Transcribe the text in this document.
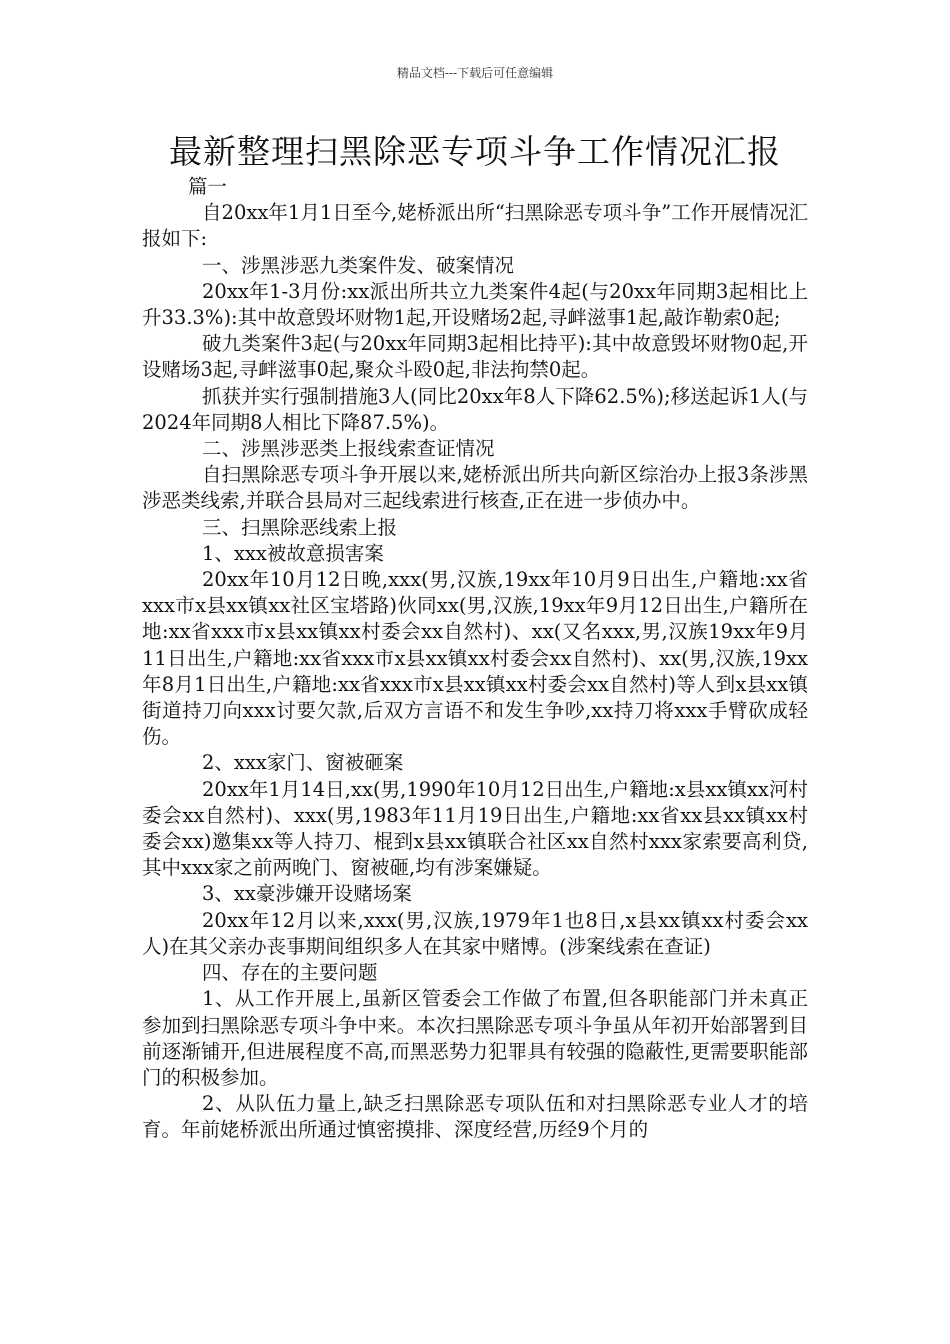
精品文档---下载后可任意编辑
最新整理扫黑除恶专项斗争工作情况汇报

篇一

自20xx年1月1日至今,姥桥派出所“扫黑除恶专项斗争”工作开展情况汇报如下:

一、涉黑涉恶九类案件发、破案情况

20xx年1-3月份:xx派出所共立九类案件4起(与20xx年同期3起相比上升33.3%):其中故意毁坏财物1起,开设赌场2起,寻衅滋事1起,敲诈勒索0起;

破九类案件3起(与20xx年同期3起相比持平):其中故意毁坏财物0起,开设赌场3起,寻衅滋事0起,聚众斗殴0起,非法拘禁0起。

抓获并实行强制措施3人(同比20xx年8人下降62.5%);移送起诉1人(与2024年同期8人相比下降87.5%)。

二、涉黑涉恶类上报线索查证情况

自扫黑除恶专项斗争开展以来,姥桥派出所共向新区综治办上报3条涉黑涉恶类线索,并联合县局对三起线索进行核查,正在进一步侦办中。

三、扫黑除恶线索上报

1、xxx被故意损害案

20xx年10月12日晚,xxx(男,汉族,19xx年10月9日出生,户籍地:xx省xxx市x县xx镇xx社区宝塔路)伙同xx(男,汉族,19xx年9月12日出生,户籍所在地:xx省xxx市x县xx镇xx村委会xx自然村)、xx(又名xxx,男,汉族19xx年9月11日出生,户籍地:xx省xxx市x县xx镇xx村委会xx自然村)、xx(男,汉族,19xx年8月1日出生,户籍地:xx省xxx市x县xx镇xx村委会xx自然村)等人到x县xx镇街道持刀向xxx讨要欠款,后双方言语不和发生争吵,xx持刀将xxx手臂砍成轻伤。

2、xxx家门、窗被砸案

20xx年1月14日,xx(男,1990年10月12日出生,户籍地:x县xx镇xx河村委会xx自然村)、xxx(男,1983年11月19日出生,户籍地:xx省xx县xx镇xx村委会xx)邀集xx等人持刀、棍到x县xx镇联合社区xx自然村xxx家索要高利贷,其中xxx家之前两晚门、窗被砸,均有涉案嫌疑。

3、xx豪涉嫌开设赌场案

20xx年12月以来,xxx(男,汉族,1979年1也8日,x县xx镇xx村委会xx人)在其父亲办丧事期间组织多人在其家中赌博。(涉案线索在查证)

四、存在的主要问题

1、从工作开展上,虽新区管委会工作做了布置,但各职能部门并未真正参加到扫黑除恶专项斗争中来。本次扫黑除恶专项斗争虽从年初开始部署到目前逐渐铺开,但进展程度不高,而黑恶势力犯罪具有较强的隐蔽性,更需要职能部门的积极参加。

2、从队伍力量上,缺乏扫黑除恶专项队伍和对扫黑除恶专业人才的培育。年前姥桥派出所通过慎密摸排、深度经营,历经9个月的
